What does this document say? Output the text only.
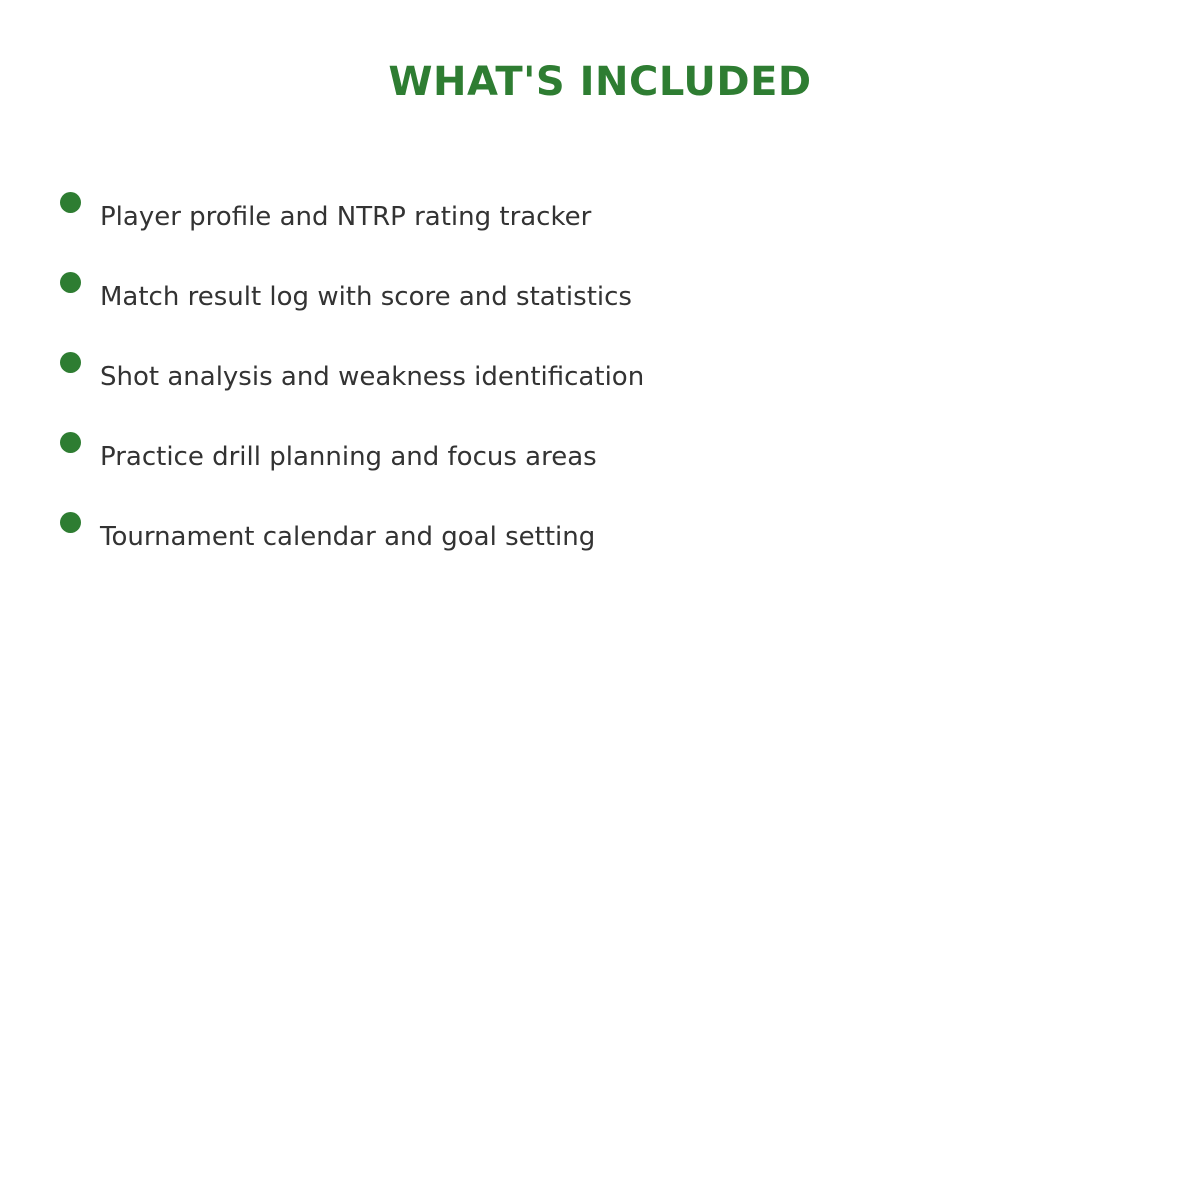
WHAT'S INCLUDED
Player profile and NTRP rating tracker
Match result log with score and statistics
Shot analysis and weakness identification
Practice drill planning and focus areas
Tournament calendar and goal setting
